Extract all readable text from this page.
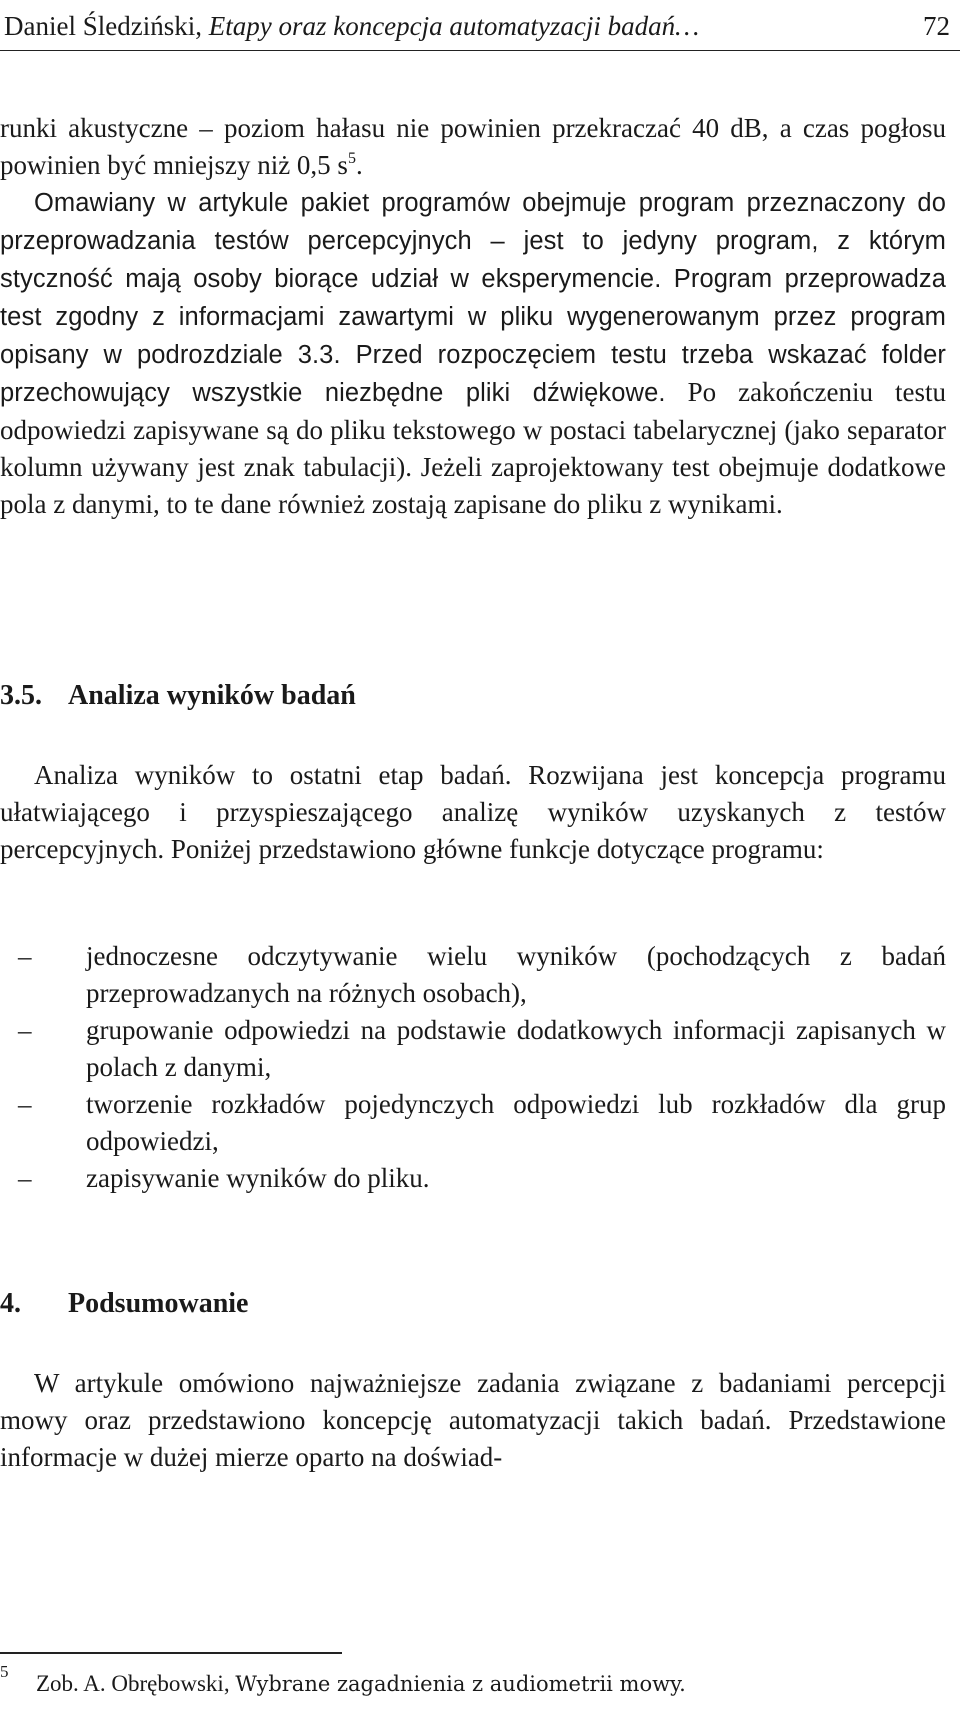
Daniel Śledziński, Etapy oraz koncepcja automatyzacji badań…	72

runki akustyczne – poziom hałasu nie powinien przekraczać 40 dB, a czas pogłosu powinien być mniejszy niż 0,5 $s^5$.

Omawiany w artykule pakiet programów obejmuje program przeznaczony do przeprowadzania testów percepcyjnych – jest to jedyny program, z którym styczność mają osoby biorące udział w eksperymencie. Program przeprowadza test zgodny z informacjami zawartymi w pliku wygenerowanym przez program opisany w podrozdziale 3.3. Przed rozpoczęciem testu trzeba wskazać folder przechowujący wszystkie niezbędne pliki dźwiękowe. Po zakończeniu testu odpowiedzi zapisywane są do pliku tekstowego w postaci tabelarycznej (jako separator kolumn używany jest znak tabulacji). Jeżeli zaprojektowany test obejmuje dodatkowe pola z danymi, to te dane również zostają zapisane do pliku z wynikami.

3.5. Analiza wyników badań

Analiza wyników to ostatni etap badań. Rozwijana jest koncepcja programu ułatwiającego i przyspieszającego analizę wyników uzyskanych z testów percepcyjnych. Poniżej przedstawiono główne funkcje dotyczące programu:

– jednoczesne odczytywanie wielu wyników (pochodzących z badań przeprowadzanych na różnych osobach),
– grupowanie odpowiedzi na podstawie dodatkowych informacji zapisanych w polach z danymi,
– tworzenie rozkładów pojedynczych odpowiedzi lub rozkładów dla grup odpowiedzi,
– zapisywanie wyników do pliku.
4. Podsumowanie

W artykule omówiono najważniejsze zadania związane z badaniami percepcji mowy oraz przedstawiono koncepcję automatyzacji takich badań. Przedstawione informacje w dużej mierze oparto na doświad-

5 Zob. A. Obrębowski, Wybrane zagadnienia z audiometrii mowy.
